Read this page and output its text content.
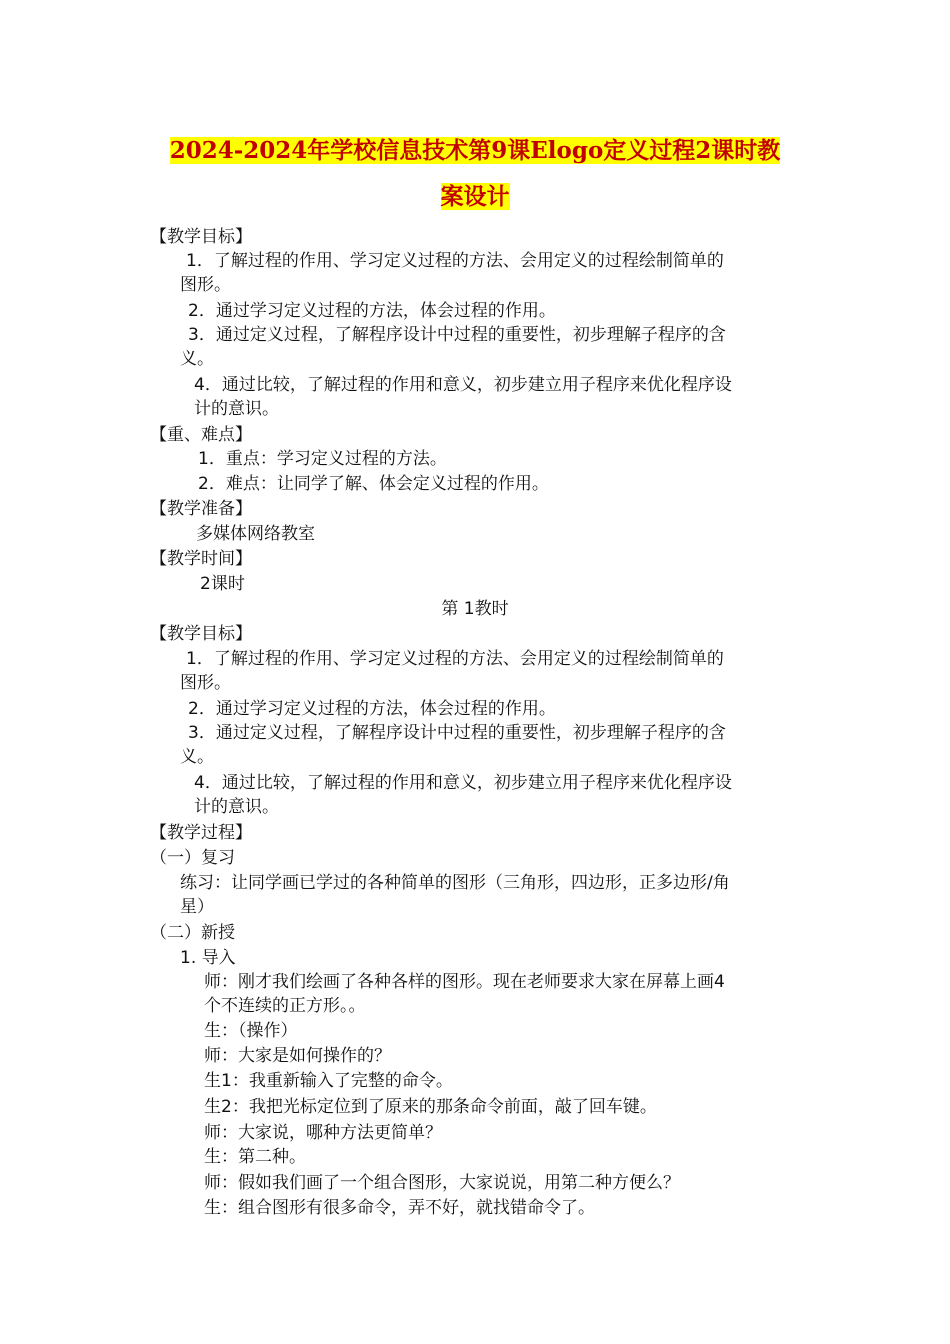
2024-2024年学校信息技术第9课Elogo定义过程2课时教
案设计
【教学目标】
1．了解过程的作用、学习定义过程的方法、会用定义的过程绘制简单的
图形。
2．通过学习定义过程的方法，体会过程的作用。
3．通过定义过程，了解程序设计中过程的重要性，初步理解子程序的含
义。
4．通过比较，了解过程的作用和意义，初步建立用子程序来优化程序设
计的意识。
【重、难点】
1．重点：学习定义过程的方法。
2．难点：让同学了解、体会定义过程的作用。
【教学准备】
多媒体网络教室
【教学时间】
2课时
第 1教时
【教学目标】
1．了解过程的作用、学习定义过程的方法、会用定义的过程绘制简单的
图形。
2．通过学习定义过程的方法，体会过程的作用。
3．通过定义过程，了解程序设计中过程的重要性，初步理解子程序的含
义。
4．通过比较，了解过程的作用和意义，初步建立用子程序来优化程序设
计的意识。
【教学过程】
（一）复习
练习：让同学画已学过的各种简单的图形（三角形，四边形，正多边形/角
星）
（二）新授
1. 导入
师：刚才我们绘画了各种各样的图形。现在老师要求大家在屏幕上画4
个不连续的正方形。。
生：（操作）
师：大家是如何操作的？
生1：我重新输入了完整的命令。
生2：我把光标定位到了原来的那条命令前面，敲了回车键。
师：大家说，哪种方法更简单？
生：第二种。
师：假如我们画了一个组合图形，大家说说，用第二种方便么？
生：组合图形有很多命令，弄不好，就找错命令了。
